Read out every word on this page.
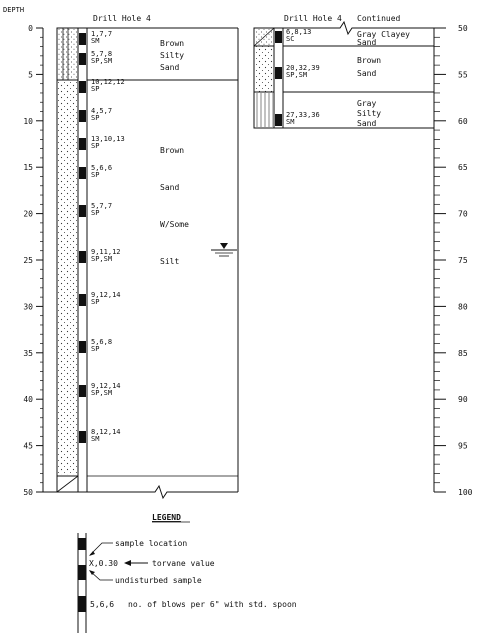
DEPTH
0
5
10
15
20
25
30
35
40
45
50
Drill Hole 4
1,7,7
SM
5,7,8
SP,SM
10,12,12
SP
4,5,7
SP
13,10,13
SP
5,6,6
SP
5,7,7
SP
9,11,12
SP,SM
9,12,14
SP
5,6,8
SP
9,12,14
SP,SM
8,12,14
SM
Brown
Silty
Sand
Brown
Sand
W/Some
Silt
50
55
60
65
70
75
80
85
90
95
100
Drill Hole 4 Continued
6,8,13
SC
20,32,39
SP,SM
27,33,36
SM
Gray Clayey
Sand
Brown
Sand
Gray
Silty
Sand
LEGEND
sample location
X,0.30	torvane value
undisturbed sample
5,6,6 no. of blows per 6" with std. spoon
